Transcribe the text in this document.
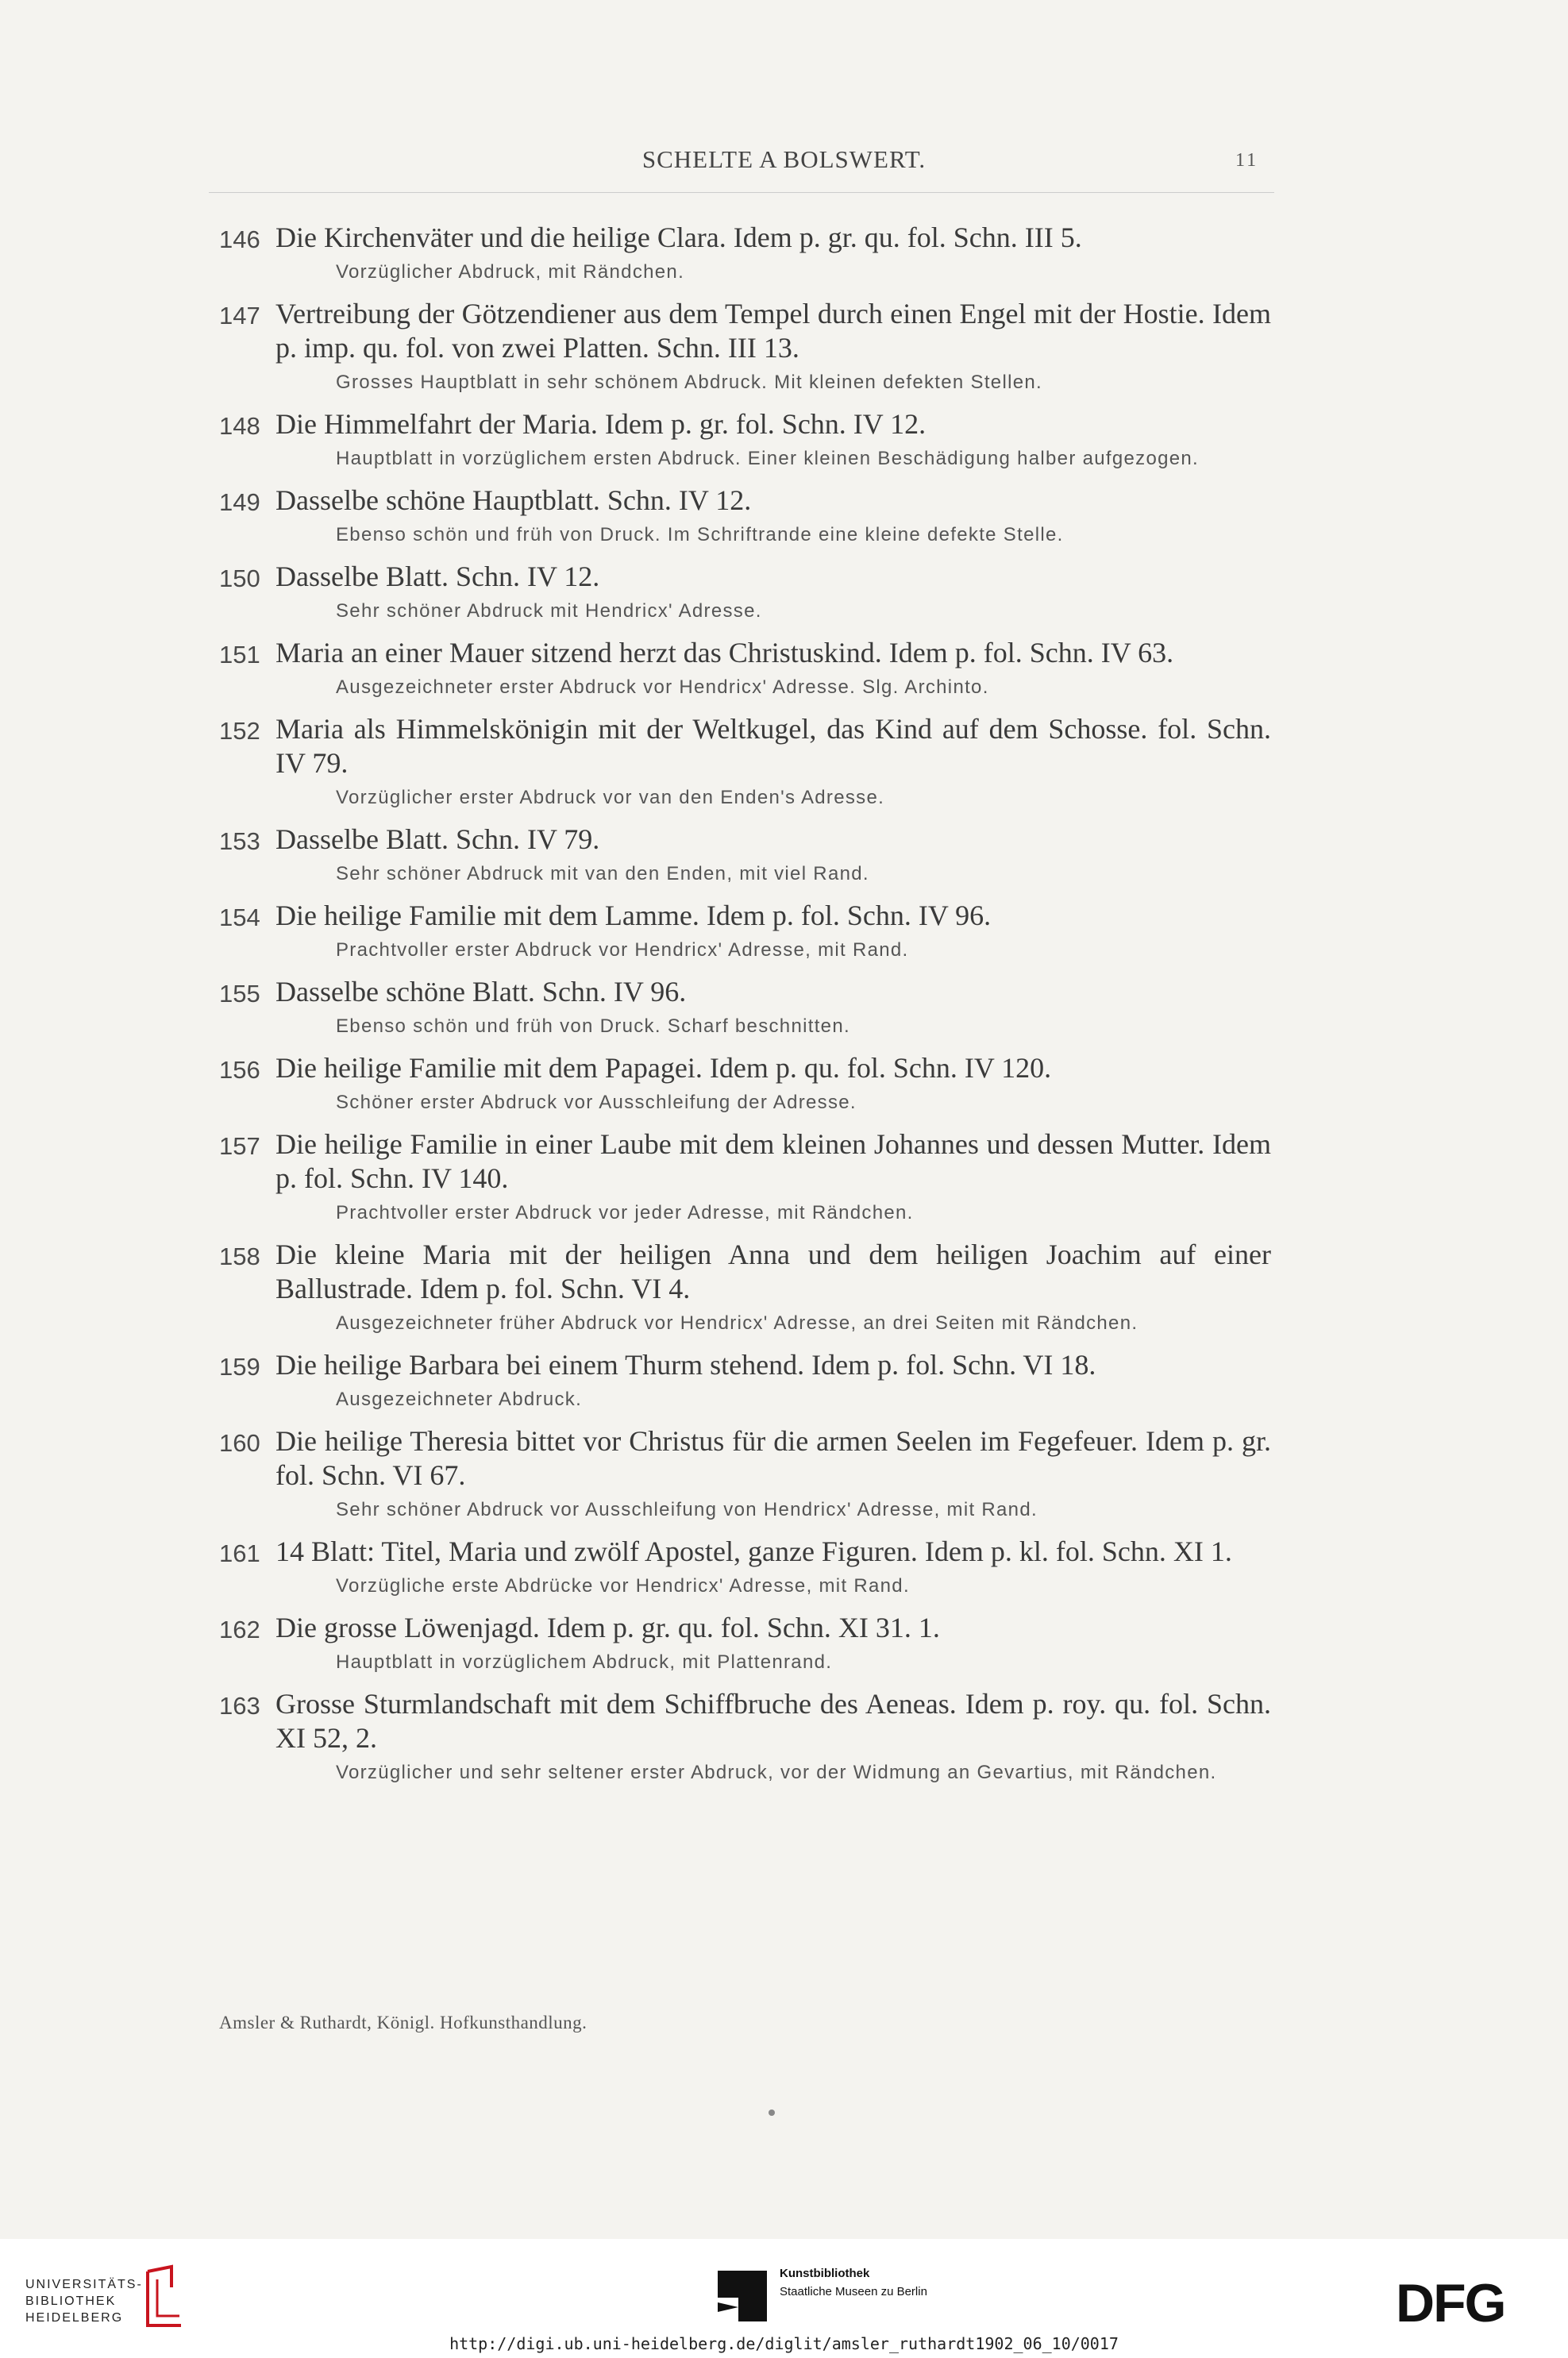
SCHELTE A BOLSWERT.	11
146 Die Kirchenväter und die heilige Clara. Idem p. gr. qu. fol. Schn. III 5.
Vorzüglicher Abdruck, mit Rändchen.
147 Vertreibung der Götzendiener aus dem Tempel durch einen Engel mit der Hostie. Idem p. imp. qu. fol. von zwei Platten. Schn. III 13.
Grosses Hauptblatt in sehr schönem Abdruck. Mit kleinen defekten Stellen.
148 Die Himmelfahrt der Maria. Idem p. gr. fol. Schn. IV 12.
Hauptblatt in vorzüglichem ersten Abdruck. Einer kleinen Beschädigung halber aufgezogen.
149 Dasselbe schöne Hauptblatt. Schn. IV 12.
Ebenso schön und früh von Druck. Im Schriftrande eine kleine defekte Stelle.
150 Dasselbe Blatt. Schn. IV 12.
Sehr schöner Abdruck mit Hendricx' Adresse.
151 Maria an einer Mauer sitzend herzt das Christuskind. Idem p. fol. Schn. IV 63.
Ausgezeichneter erster Abdruck vor Hendricx' Adresse. Slg. Archinto.
152 Maria als Himmelskönigin mit der Weltkugel, das Kind auf dem Schosse. fol. Schn. IV 79.
Vorzüglicher erster Abdruck vor van den Enden's Adresse.
153 Dasselbe Blatt. Schn. IV 79.
Sehr schöner Abdruck mit van den Enden, mit viel Rand.
154 Die heilige Familie mit dem Lamme. Idem p. fol. Schn. IV 96.
Prachtvoller erster Abdruck vor Hendricx' Adresse, mit Rand.
155 Dasselbe schöne Blatt. Schn. IV 96.
Ebenso schön und früh von Druck. Scharf beschnitten.
156 Die heilige Familie mit dem Papagei. Idem p. qu. fol. Schn. IV 120.
Schöner erster Abdruck vor Ausschleifung der Adresse.
157 Die heilige Familie in einer Laube mit dem kleinen Johannes und dessen Mutter. Idem p. fol. Schn. IV 140.
Prachtvoller erster Abdruck vor jeder Adresse, mit Rändchen.
158 Die kleine Maria mit der heiligen Anna und dem heiligen Joachim auf einer Ballustrade. Idem p. fol. Schn. VI 4.
Ausgezeichneter früher Abdruck vor Hendricx' Adresse, an drei Seiten mit Rändchen.
159 Die heilige Barbara bei einem Thurm stehend. Idem p. fol. Schn. VI 18.
Ausgezeichneter Abdruck.
160 Die heilige Theresia bittet vor Christus für die armen Seelen im Fegefeuer. Idem p. gr. fol. Schn. VI 67.
Sehr schöner Abdruck vor Ausschleifung von Hendricx' Adresse, mit Rand.
161 14 Blatt: Titel, Maria und zwölf Apostel, ganze Figuren. Idem p. kl. fol. Schn. XI 1.
Vorzügliche erste Abdrücke vor Hendricx' Adresse, mit Rand.
162 Die grosse Löwenjagd. Idem p. gr. qu. fol. Schn. XI 31. 1.
Hauptblatt in vorzüglichem Abdruck, mit Plattenrand.
163 Grosse Sturmlandschaft mit dem Schiffbruche des Aeneas. Idem p. roy. qu. fol. Schn. XI 52, 2.
Vorzüglicher und sehr seltener erster Abdruck, vor der Widmung an Gevartius, mit Rändchen.
Amsler & Ruthardt, Königl. Hofkunsthandlung.
UNIVERSITÄTS-
BIBLIOTHEK
HEIDELBERG
Kunstbibliothek
Staatliche Museen zu Berlin	DFG
http://digi.ub.uni-heidelberg.de/diglit/amsler_ruthardt1902_06_10/0017
